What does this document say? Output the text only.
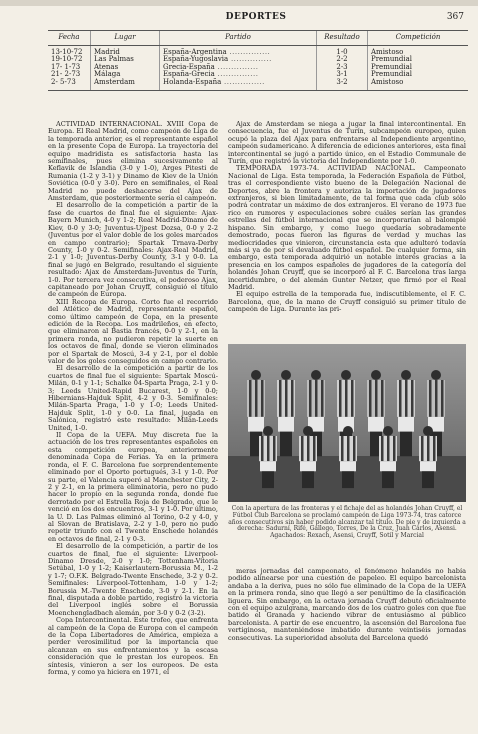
DEPORTES	367
Fecha	Lugar	Partido	Resultado	Competición
13-10-72	Madrid	España-Argentina ...............	1-0	Amistoso
19-10-72	Las Palmas	España-Yugoslavia ...............	2-2	Premundial
17- 1-73	Atenas	Grecia-España ...............	2-3	Premundial
21- 2-73	Málaga	España-Grecia ...............	3-1	Premundial
2- 5-73	Amsterdam	Holanda-España ...............	3-2	Amistoso

ACTIVIDAD INTERNACIONAL. XVIII Copa de Europa. El Real Madrid, como campeón de Liga de la temporada anterior, es el representante español en la presente Copa de Europa. La trayectoria del equipo madridista es satisfactoria hasta las semifinales, pues elimina sucesivamente al Keflavik de Islandia (3-0 y 1-0), Arges Pitesti de Rumania (1-2 y 3-1) y Dinamo de Kiev de la Unión Soviética (0-0 y 3-0). Pero en semifinales, el Real Madrid no puede deshacerse del Ajax de Amsterdam, que posteriormente sería el campeón.

El desarrollo de la competición a partir de la fase de cuartos de final fue el siguiente: Ajax-Bayern Munich, 4-0 y 1-2; Real Madrid-Dinamo de Kiev, 0-0 y 3-0; Juventus-Ujpest Dozsa, 0-0 y 2-2 (Juventus por el valor doble de los goles marcados en campo contrario); Spartak Trnava-Derby County, 1-0 y 0-2. Semifinales: Ajax-Real Madrid, 2-1 y 1-0; Juventus-Derby County, 3-1 y 0-0. La final se jugó en Belgrado, resultando el siguiente resultado: Ajax de Amsterdam-Juventus de Turín, 1-0. Por tercera vez consecutiva, el poderoso Ajax, capitaneado por Johan Cruyff, consiguió el título de campeón de Europa.

XIII Recopa de Europa. Corto fue el recorrido del Atlético de Madrid, representante español, como último campeón de Copa, en la presente edición de la Recopa. Los madrileños, en efecto, que eliminaron al Bastia francés, 0-0 y 2-1, en la primera ronda, no pudieron repetir la suerte en los octavos de final, donde se vieron eliminados por el Spartak de Moscú, 3-4 y 2-1, por el doble valor de los goles conseguidos en campo contrario.

El desarrollo de la competición a partir de los cuartos de final fue el siguiente: Spartak Moscú-Milán, 0-1 y 1-1; Schalke 04-Sparta Praga, 2-1 y 0-3; Leeds United-Rapid Bucarest, 1-0 y 0-0; Hibernians-Hajduk Split, 4-2 y 0-3. Semifinales: Milán-Sparta Praga, 1-0 y 1-0; Leeds United-Hajduk Split, 1-0 y 0-0. La final, jugada en Salónica, registró este resultado: Milán-Leeds United, 1-0.

II Copa de la UEFA. Muy discreta fue la actuación de los tres representantes españoles en esta competición europea, anteriormente denominada Copa de Ferias. Ya en la primera ronda, el F. C. Barcelona fue sorprendentemente eliminado por el Oporto portugués, 3-1 y 1-0. Por su parte, el Valencia superó al Manchester City, 2-2 y 2-1, en la primera eliminatoria, pero no pudo hacer lo propio en la segunda ronda, donde fue derrotado por el Estrella Roja de Belgrado, que le venció en los dos encuentros, 3-1 y 1-0. Por último, la U. D. Las Palmas eliminó al Torino, 0-2 y 4-0, y al Slovan de Bratislava, 2-2 y 1-0, pero no pudo repetir triunfo con el Twente Enschede holandés en octavos de final, 2-1 y 0-3.

El desarrollo de la competición, a partir de los cuartos de final, fue el siguiente: Liverpool-Dinamo Dresde, 2-0 y 1-0; Tottenham-Vitoria Setúbal, 1-0 y 1-2; Kaiserlautern-Borussia M., 1-2 y 1-7; O.F.K. Belgrado-Twente Enschede, 3-2 y 0-2. Semifinales: Liverpool-Tottenham, 1-0 y 1-2; Borussia M.-Twente Enschede, 3-0 y 2-1. En la final, disputada a doble partido, registró la victoria del Liverpool inglés sobre el Borussia Moenchengladbach alemán, por 3-0 y 0-2 (3-2).

Copa Intercontinental. Este trofeo, que enfrenta al campeón de la Copa de Europa con el campeón de la Copa Libertadores de América, empieza a perder verosimilitud por la importancia que alcanzan en sus enfrentamientos y la escasa consideración que le prestan los europeos. En síntesis, vinieron a ser los europeos. De esta forma, y como ya hiciera en 1971, el

Ajax de Amsterdam se niega a jugar la final intercontinental. En consecuencia, fue el Juventus de Turín, subcampeón europeo, quien ocupó la plaza del Ajax para enfrentarse al Independiente argentino, campeón sudamericano. A diferencia de ediciones anteriores, esta final intercontinental se jugó a partido único, en el Estadio Communale de Turín, que registró la victoria del Independiente por 1-0.

TEMPORADA 1973-74. ACTIVIDAD NACIONAL. Campeonato Nacional de Liga. Esta temporada, la Federación Española de Fútbol, tras el correspondiente visto bueno de la Delegación Nacional de Deportes, abre la frontera y autoriza la importación de jugadores extranjeros, si bien limitadamente, de tal forma que cada club sólo podrá contratar un máximo de dos extranjeros. El verano de 1973 fue rico en rumores y especulaciones sobre cuáles serían las grandes estrellas del fútbol internacional que se incorporarían al balompié hispano. Sin embargo, y como luego quedaría sobradamente demostrado, pocas fueron las figuras de verdad y muchas las mediocridades que vinieron, circunstancia esta que adulteró todavía más si ya de por sí devaluado fútbol español. De cualquier forma, sin embargo, esta temporada adquirió un notable interés gracias a la presencia en los campos españoles de jugadores de la categoría del holandés Johan Cruyff, que se incorporó al F. C. Barcelona tras larga incertidumbre, o del alemán Gunter Netzer, que firmó por el Real Madrid.

El equipo estrella de la temporada fue, indiscutiblemente, el F. C. Barcelona, que, de la mano de Cruyff consiguió su primer título de campeón de Liga. Durante las pri-

Con la apertura de las fronteras y el fichaje del as holandés Johan Cruyff, el Fútbol Club Barcelona se proclamó campeón de Liga 1973-74, tras catorce años consecutivos sin haber podido alcanzar tal título. De pie y de izquierda a derecha: Sadurní, Rifé, Gallego, Torres, De la Cruz, Juan Carlos, Asensi. Agachados: Rexach, Asensi, Cruyff, Sotil y Marcial

meras jornadas del campeonato, el fenómeno holandés no había podido alinearse por una cuestión de papeleo. El equipo barcelonista andaba a la deriva, pues no sólo fue eliminado de la Copa de la UEFA en la primera ronda, sino que llegó a ser penúltimo de la clasificación liguera. Sin embargo, en la octava jornada Cruyff debutó oficialmente con el equipo azulgrana, marcando dos de los cuatro goles con que fue batido el Granada y haciendo vibrar de entusiasmo al público barcelonista. A partir de ese encuentro, la ascensión del Barcelona fue vertiginosa, manteniéndose imbatido durante veintiséis jornadas consecutivas. La superioridad absoluta del Barcelona quedó
